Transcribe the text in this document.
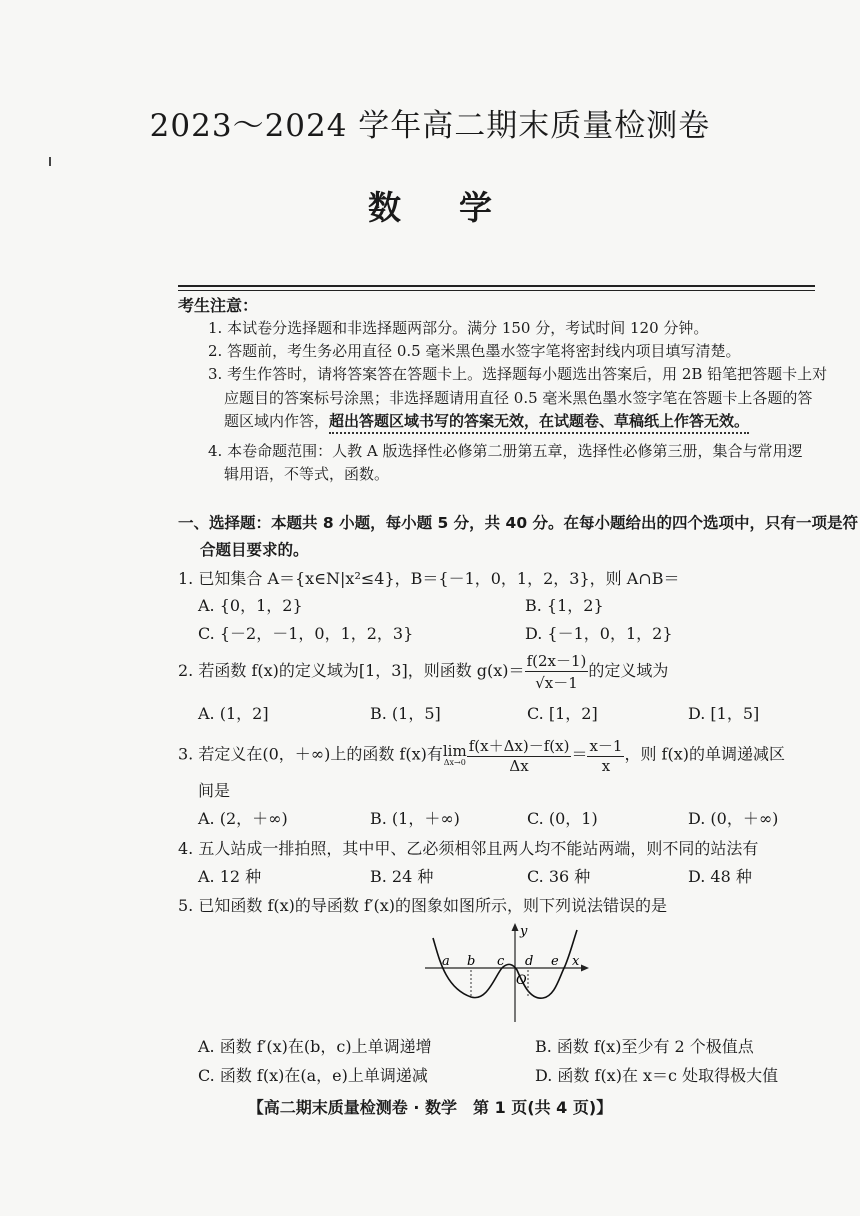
2023～2024 学年高二期末质量检测卷
数学
考生注意：
1. 本试卷分选择题和非选择题两部分。满分 150 分，考试时间 120 分钟。
2. 答题前，考生务必用直径 0.5 毫米黑色墨水签字笔将密封线内项目填写清楚。
3. 考生作答时，请将答案答在答题卡上。选择题每小题选出答案后，用 2B 铅笔把答题卡上对
应题目的答案标号涂黑；非选择题请用直径 0.5 毫米黑色墨水签字笔在答题卡上各题的答
题区域内作答，超出答题区域书写的答案无效，在试题卷、草稿纸上作答无效。
4. 本卷命题范围：人教 A 版选择性必修第二册第五章，选择性必修第三册，集合与常用逻
辑用语，不等式，函数。
一、选择题：本题共 8 小题，每小题 5 分，共 40 分。在每小题给出的四个选项中，只有一项是符
合题目要求的。
1. 已知集合 A＝{x∈N|x²≤4}，B＝{－1，0，1，2，3}，则 A∩B＝
A. {0，1，2}	B. {1，2}
C. {－2，－1，0，1，2，3}	D. {－1，0，1，2}
2. 若函数 f(x)的定义域为[1，3]，则函数 $g(x)= \frac{f(2x-1)}{√x-1}$ 的定义域为
A. (1，2]	B. (1，5]	C. [1，2]	D. [1，5]
3. 若定义在(0，＋∞)上的函数 f(x)有lim
$\Delta x\to 0 \frac{f(x+\Delta x)-f(x)}{\Delta x} = \frac{x-1}{x}$ ，则 f(x)的单调递减区
间是
A. (2，＋∞)	B. (1，＋∞)	C. (0，1)	D. (0，＋∞)
4. 五人站成一排拍照，其中甲、乙必须相邻且两人均不能站两端，则不同的站法有
A. 12 种	B. 24 种	C. 36 种	D. 48 种
5. 已知函数 f(x)的导函数 f′(x)的图象如图所示，则下列说法错误的是
a b c d e x
y
O
A. 函数 f′(x)在(b，c)上单调递增	B. 函数 f(x)至少有 2 个极值点
C. 函数 f(x)在(a，e)上单调递减	D. 函数 f(x)在 x＝c 处取得极大值
【高二期末质量检测卷 · 数学　第 1 页(共 4 页)】
